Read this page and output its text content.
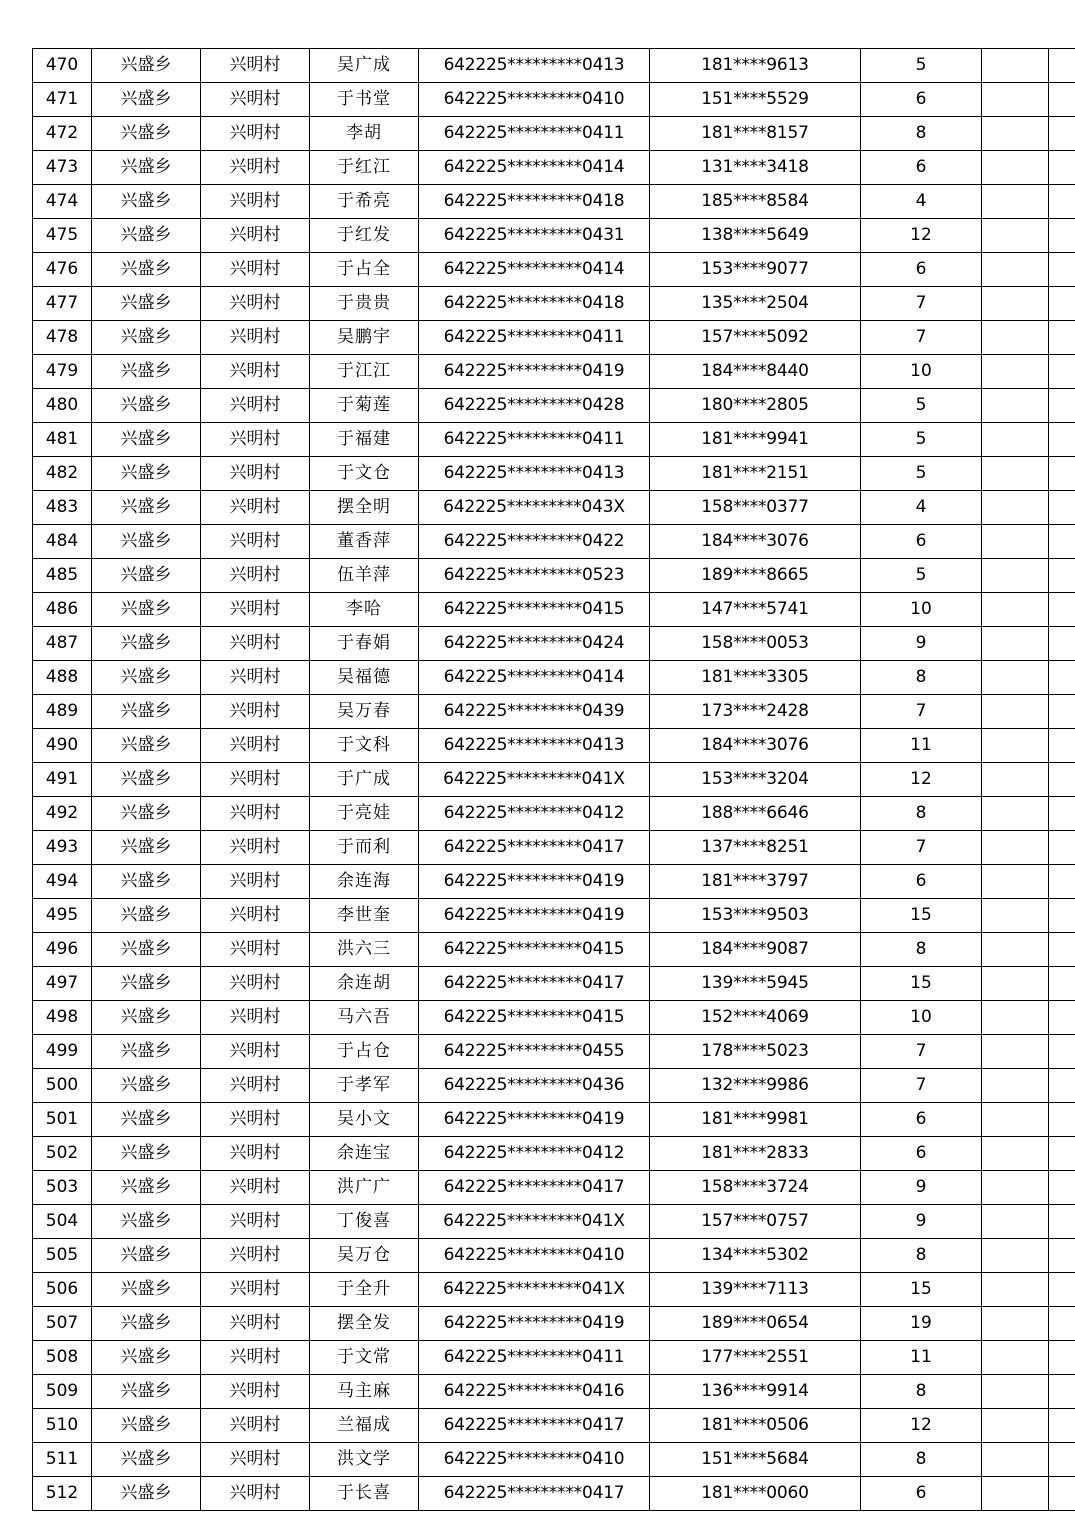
470	兴盛乡	兴明村	吴广成	642225*********0413	181****9613	5		
471	兴盛乡	兴明村	于书堂	642225*********0410	151****5529	6		
472	兴盛乡	兴明村	李胡	642225*********0411	181****8157	8		
473	兴盛乡	兴明村	于红江	642225*********0414	131****3418	6		
474	兴盛乡	兴明村	于希亮	642225*********0418	185****8584	4		
475	兴盛乡	兴明村	于红发	642225*********0431	138****5649	12		
476	兴盛乡	兴明村	于占全	642225*********0414	153****9077	6		
477	兴盛乡	兴明村	于贵贵	642225*********0418	135****2504	7		
478	兴盛乡	兴明村	吴鹏宇	642225*********0411	157****5092	7		
479	兴盛乡	兴明村	于江江	642225*********0419	184****8440	10		
480	兴盛乡	兴明村	于菊莲	642225*********0428	180****2805	5		
481	兴盛乡	兴明村	于福建	642225*********0411	181****9941	5		
482	兴盛乡	兴明村	于文仓	642225*********0413	181****2151	5		
483	兴盛乡	兴明村	摆全明	642225*********043X	158****0377	4		
484	兴盛乡	兴明村	董香萍	642225*********0422	184****3076	6		
485	兴盛乡	兴明村	伍羊萍	642225*********0523	189****8665	5		
486	兴盛乡	兴明村	李哈	642225*********0415	147****5741	10		
487	兴盛乡	兴明村	于春娟	642225*********0424	158****0053	9		
488	兴盛乡	兴明村	吴福德	642225*********0414	181****3305	8		
489	兴盛乡	兴明村	吴万春	642225*********0439	173****2428	7		
490	兴盛乡	兴明村	于文科	642225*********0413	184****3076	11		
491	兴盛乡	兴明村	于广成	642225*********041X	153****3204	12		
492	兴盛乡	兴明村	于亮娃	642225*********0412	188****6646	8		
493	兴盛乡	兴明村	于而利	642225*********0417	137****8251	7		
494	兴盛乡	兴明村	余连海	642225*********0419	181****3797	6		
495	兴盛乡	兴明村	李世奎	642225*********0419	153****9503	15		
496	兴盛乡	兴明村	洪六三	642225*********0415	184****9087	8		
497	兴盛乡	兴明村	余连胡	642225*********0417	139****5945	15		
498	兴盛乡	兴明村	马六吾	642225*********0415	152****4069	10		
499	兴盛乡	兴明村	于占仓	642225*********0455	178****5023	7		
500	兴盛乡	兴明村	于孝军	642225*********0436	132****9986	7		
501	兴盛乡	兴明村	吴小文	642225*********0419	181****9981	6		
502	兴盛乡	兴明村	余连宝	642225*********0412	181****2833	6		
503	兴盛乡	兴明村	洪广广	642225*********0417	158****3724	9		
504	兴盛乡	兴明村	丁俊喜	642225*********041X	157****0757	9		
505	兴盛乡	兴明村	吴万仓	642225*********0410	134****5302	8		
506	兴盛乡	兴明村	于全升	642225*********041X	139****7113	15		
507	兴盛乡	兴明村	摆全发	642225*********0419	189****0654	19		
508	兴盛乡	兴明村	于文常	642225*********0411	177****2551	11		
509	兴盛乡	兴明村	马主麻	642225*********0416	136****9914	8		
510	兴盛乡	兴明村	兰福成	642225*********0417	181****0506	12		
511	兴盛乡	兴明村	洪文学	642225*********0410	151****5684	8		
512	兴盛乡	兴明村	于长喜	642225*********0417	181****0060	6		
